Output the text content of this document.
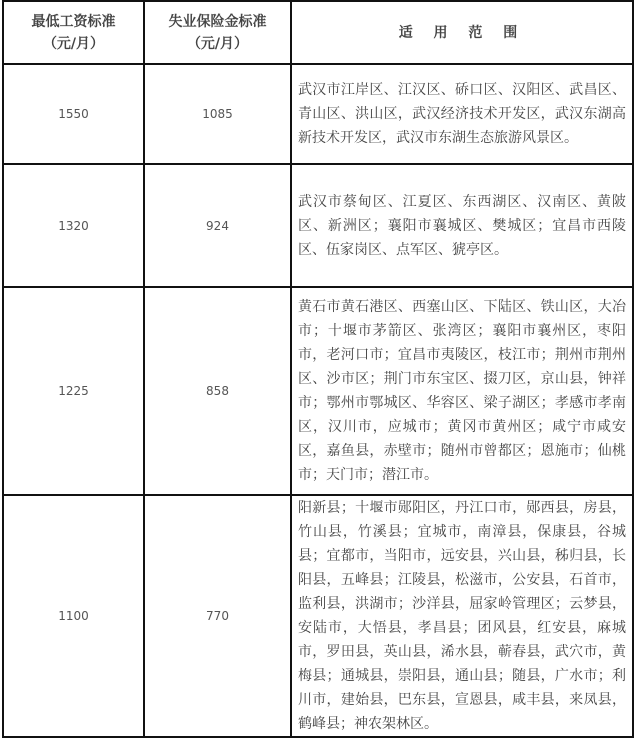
最低工资标准
（元/月）

失业保险金标准
（元/月）
	适 用 范 围
1550	1085	武汉市江岸区、江汉区、硚口区、汉阳区、武昌区、青山区、洪山区，武汉经济技术开发区，武汉东湖高新技术开发区，武汉市东湖生态旅游风景区。
1320	924	武汉市蔡甸区、江夏区、东西湖区、汉南区、黄陂区、新洲区；襄阳市襄城区、樊城区；宜昌市西陵区、伍家岗区、点军区、猇亭区。
1225	858	黄石市黄石港区、西塞山区、下陆区、铁山区，大冶市；十堰市茅箭区、张湾区；襄阳市襄州区，枣阳市，老河口市；宜昌市夷陵区，枝江市；荆州市荆州区、沙市区；荆门市东宝区、掇刀区，京山县，钟祥市；鄂州市鄂城区、华容区、梁子湖区；孝感市孝南区，汉川市，应城市；黄冈市黄州区；咸宁市咸安区，嘉鱼县，赤壁市；随州市曾都区；恩施市；仙桃市；天门市；潜江市。
1100	770	阳新县；十堰市郧阳区，丹江口市，郧西县，房县，竹山县，竹溪县；宜城市，南漳县，保康县，谷城县；宜都市，当阳市，远安县，兴山县，秭归县，长阳县，五峰县；江陵县，松滋市，公安县，石首市，监利县，洪湖市；沙洋县，屈家岭管理区；云梦县，安陆市，大悟县，孝昌县；团风县，红安县，麻城市，罗田县，英山县，浠水县，蕲春县，武穴市，黄梅县；通城县，崇阳县，通山县；随县，广水市；利川市，建始县，巴东县，宣恩县，咸丰县，来凤县，鹤峰县；神农架林区。
